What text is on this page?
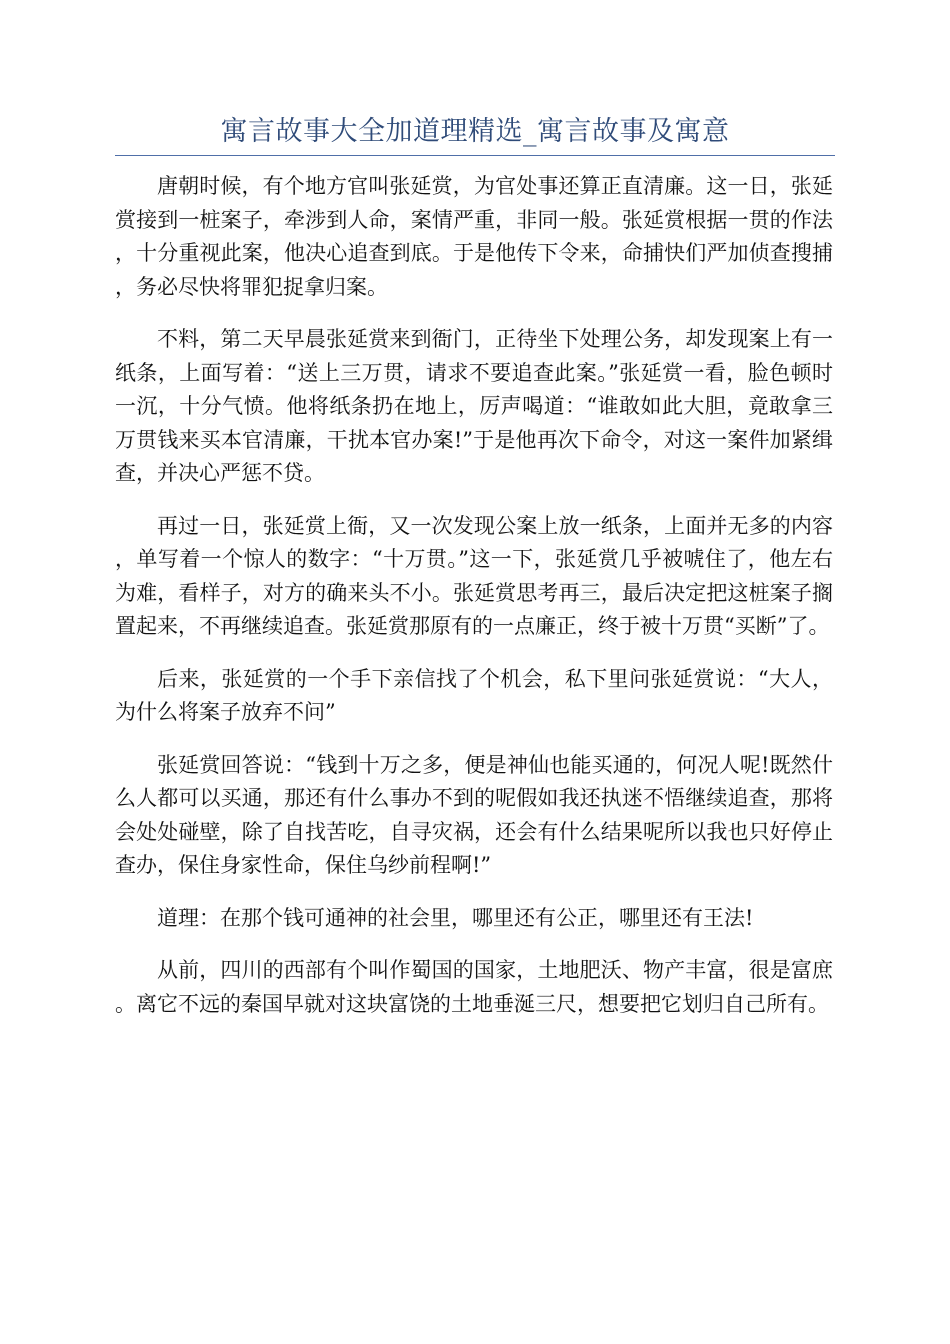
寓言故事大全加道理精选_寓言故事及寓意

唐朝时候，有个地方官叫张延赏，为官处事还算正直清廉。这一日，张延赏接到一桩案子，牵涉到人命，案情严重，非同一般。张延赏根据一贯的作法，十分重视此案，他决心追查到底。于是他传下令来，命捕快们严加侦查搜捕，务必尽快将罪犯捉拿归案。

不料，第二天早晨张延赏来到衙门，正待坐下处理公务，却发现案上有一纸条，上面写着：“送上三万贯，请求不要追查此案。”张延赏一看，脸色顿时一沉，十分气愤。他将纸条扔在地上，厉声喝道：“谁敢如此大胆，竟敢拿三万贯钱来买本官清廉，干扰本官办案!”于是他再次下命令，对这一案件加紧缉查，并决心严惩不贷。

再过一日，张延赏上衙，又一次发现公案上放一纸条，上面并无多的内容，单写着一个惊人的数字：“十万贯。”这一下，张延赏几乎被唬住了，他左右为难，看样子，对方的确来头不小。张延赏思考再三，最后决定把这桩案子搁置起来，不再继续追查。张延赏那原有的一点廉正，终于被十万贯“买断”了。

后来，张延赏的一个手下亲信找了个机会，私下里问张延赏说：“大人，为什么将案子放弃不问”

张延赏回答说：“钱到十万之多，便是神仙也能买通的，何况人呢!既然什么人都可以买通，那还有什么事办不到的呢假如我还执迷不悟继续追查，那将会处处碰壁，除了自找苦吃，自寻灾祸，还会有什么结果呢所以我也只好停止查办，保住身家性命，保住乌纱前程啊!”

道理：在那个钱可通神的社会里，哪里还有公正，哪里还有王法!

从前，四川的西部有个叫作蜀国的国家，土地肥沃、物产丰富，很是富庶。离它不远的秦国早就对这块富饶的土地垂涎三尺，想要把它划归自己所有。
